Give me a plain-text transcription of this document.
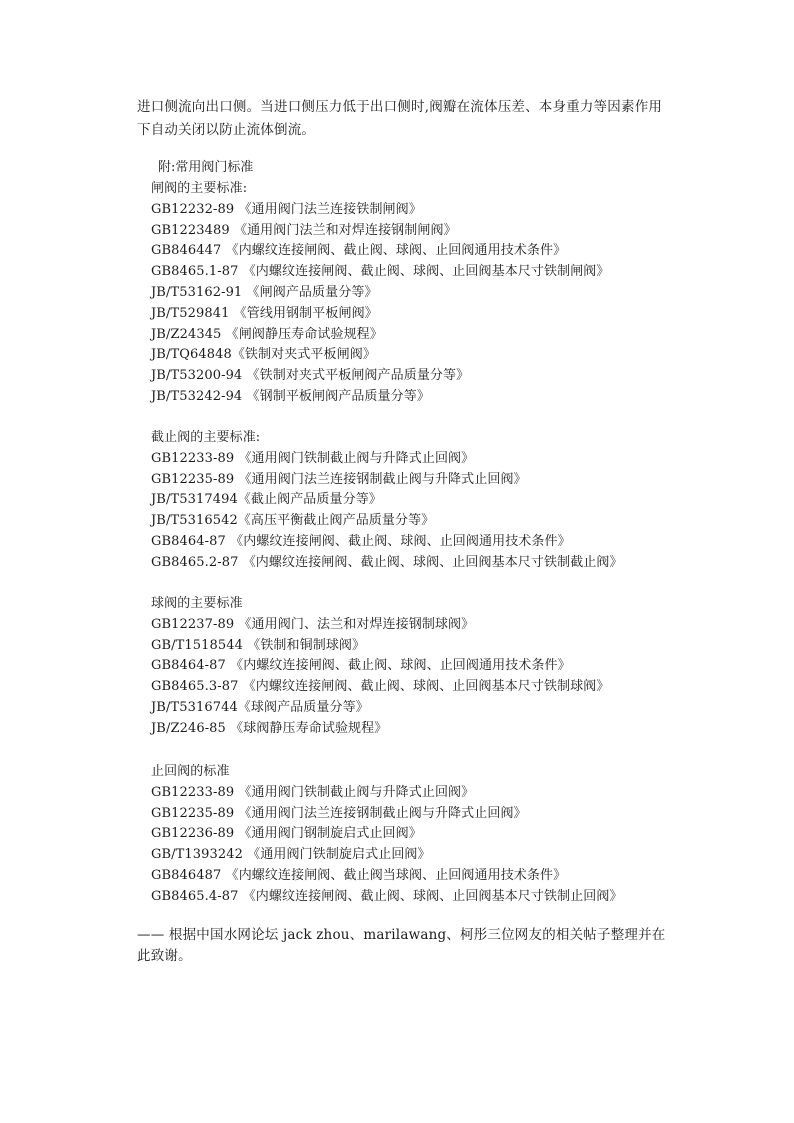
进口侧流向出口侧。当进口侧压力低于出口侧时,阀瓣在流体压差、本身重力等因素作用下自动关闭以防止流体倒流。

附:常用阀门标准

闸阀的主要标准:

GB12232-89 《通用阀门法兰连接铁制闸阀》
GB1223489 《通用阀门法兰和对焊连接钢制闸阀》
GB846447 《内螺纹连接闸阀、截止阀、球阀、止回阀通用技术条件》
GB8465.1-87 《内螺纹连接闸阀、截止阀、球阀、止回阀基本尺寸铁制闸阀》
JB/T53162-91 《闸阀产品质量分等》
JB/T529841 《管线用钢制平板闸阀》
JB/Z24345 《闸阀静压寿命试验规程》
JB/TQ64848《铁制对夹式平板闸阀》
JB/T53200-94 《铁制对夹式平板闸阀产品质量分等》
JB/T53242-94 《钢制平板闸阀产品质量分等》

截止阀的主要标准:

GB12233-89 《通用阀门铁制截止阀与升降式止回阀》
GB12235-89 《通用阀门法兰连接钢制截止阀与升降式止回阀》
JB/T5317494《截止阀产品质量分等》
JB/T5316542《高压平衡截止阀产品质量分等》
GB8464-87 《内螺纹连接闸阀、截止阀、球阀、止回阀通用技术条件》
GB8465.2-87 《内螺纹连接闸阀、截止阀、球阀、止回阀基本尺寸铁制截止阀》

球阀的主要标准

GB12237-89 《通用阀门、法兰和对焊连接钢制球阀》
GB/T1518544 《铁制和铜制球阀》
GB8464-87 《内螺纹连接闸阀、截止阀、球阀、止回阀通用技术条件》
GB8465.3-87 《内螺纹连接闸阀、截止阀、球阀、止回阀基本尺寸铁制球阀》
JB/T5316744《球阀产品质量分等》
JB/Z246-85 《球阀静压寿命试验规程》

止回阀的标准

GB12233-89 《通用阀门铁制截止阀与升降式止回阀》
GB12235-89 《通用阀门法兰连接钢制截止阀与升降式止回阀》
GB12236-89 《通用阀门钢制旋启式止回阀》
GB/T1393242 《通用阀门铁制旋启式止回阀》
GB846487 《内螺纹连接闸阀、截止阀当球阀、止回阀通用技术条件》
GB8465.4-87 《内螺纹连接闸阀、截止阀、球阀、止回阀基本尺寸铁制止回阀》

—— 根据中国水网论坛 jack zhou、marilawang、柯彤三位网友的相关帖子整理并在此致谢。
